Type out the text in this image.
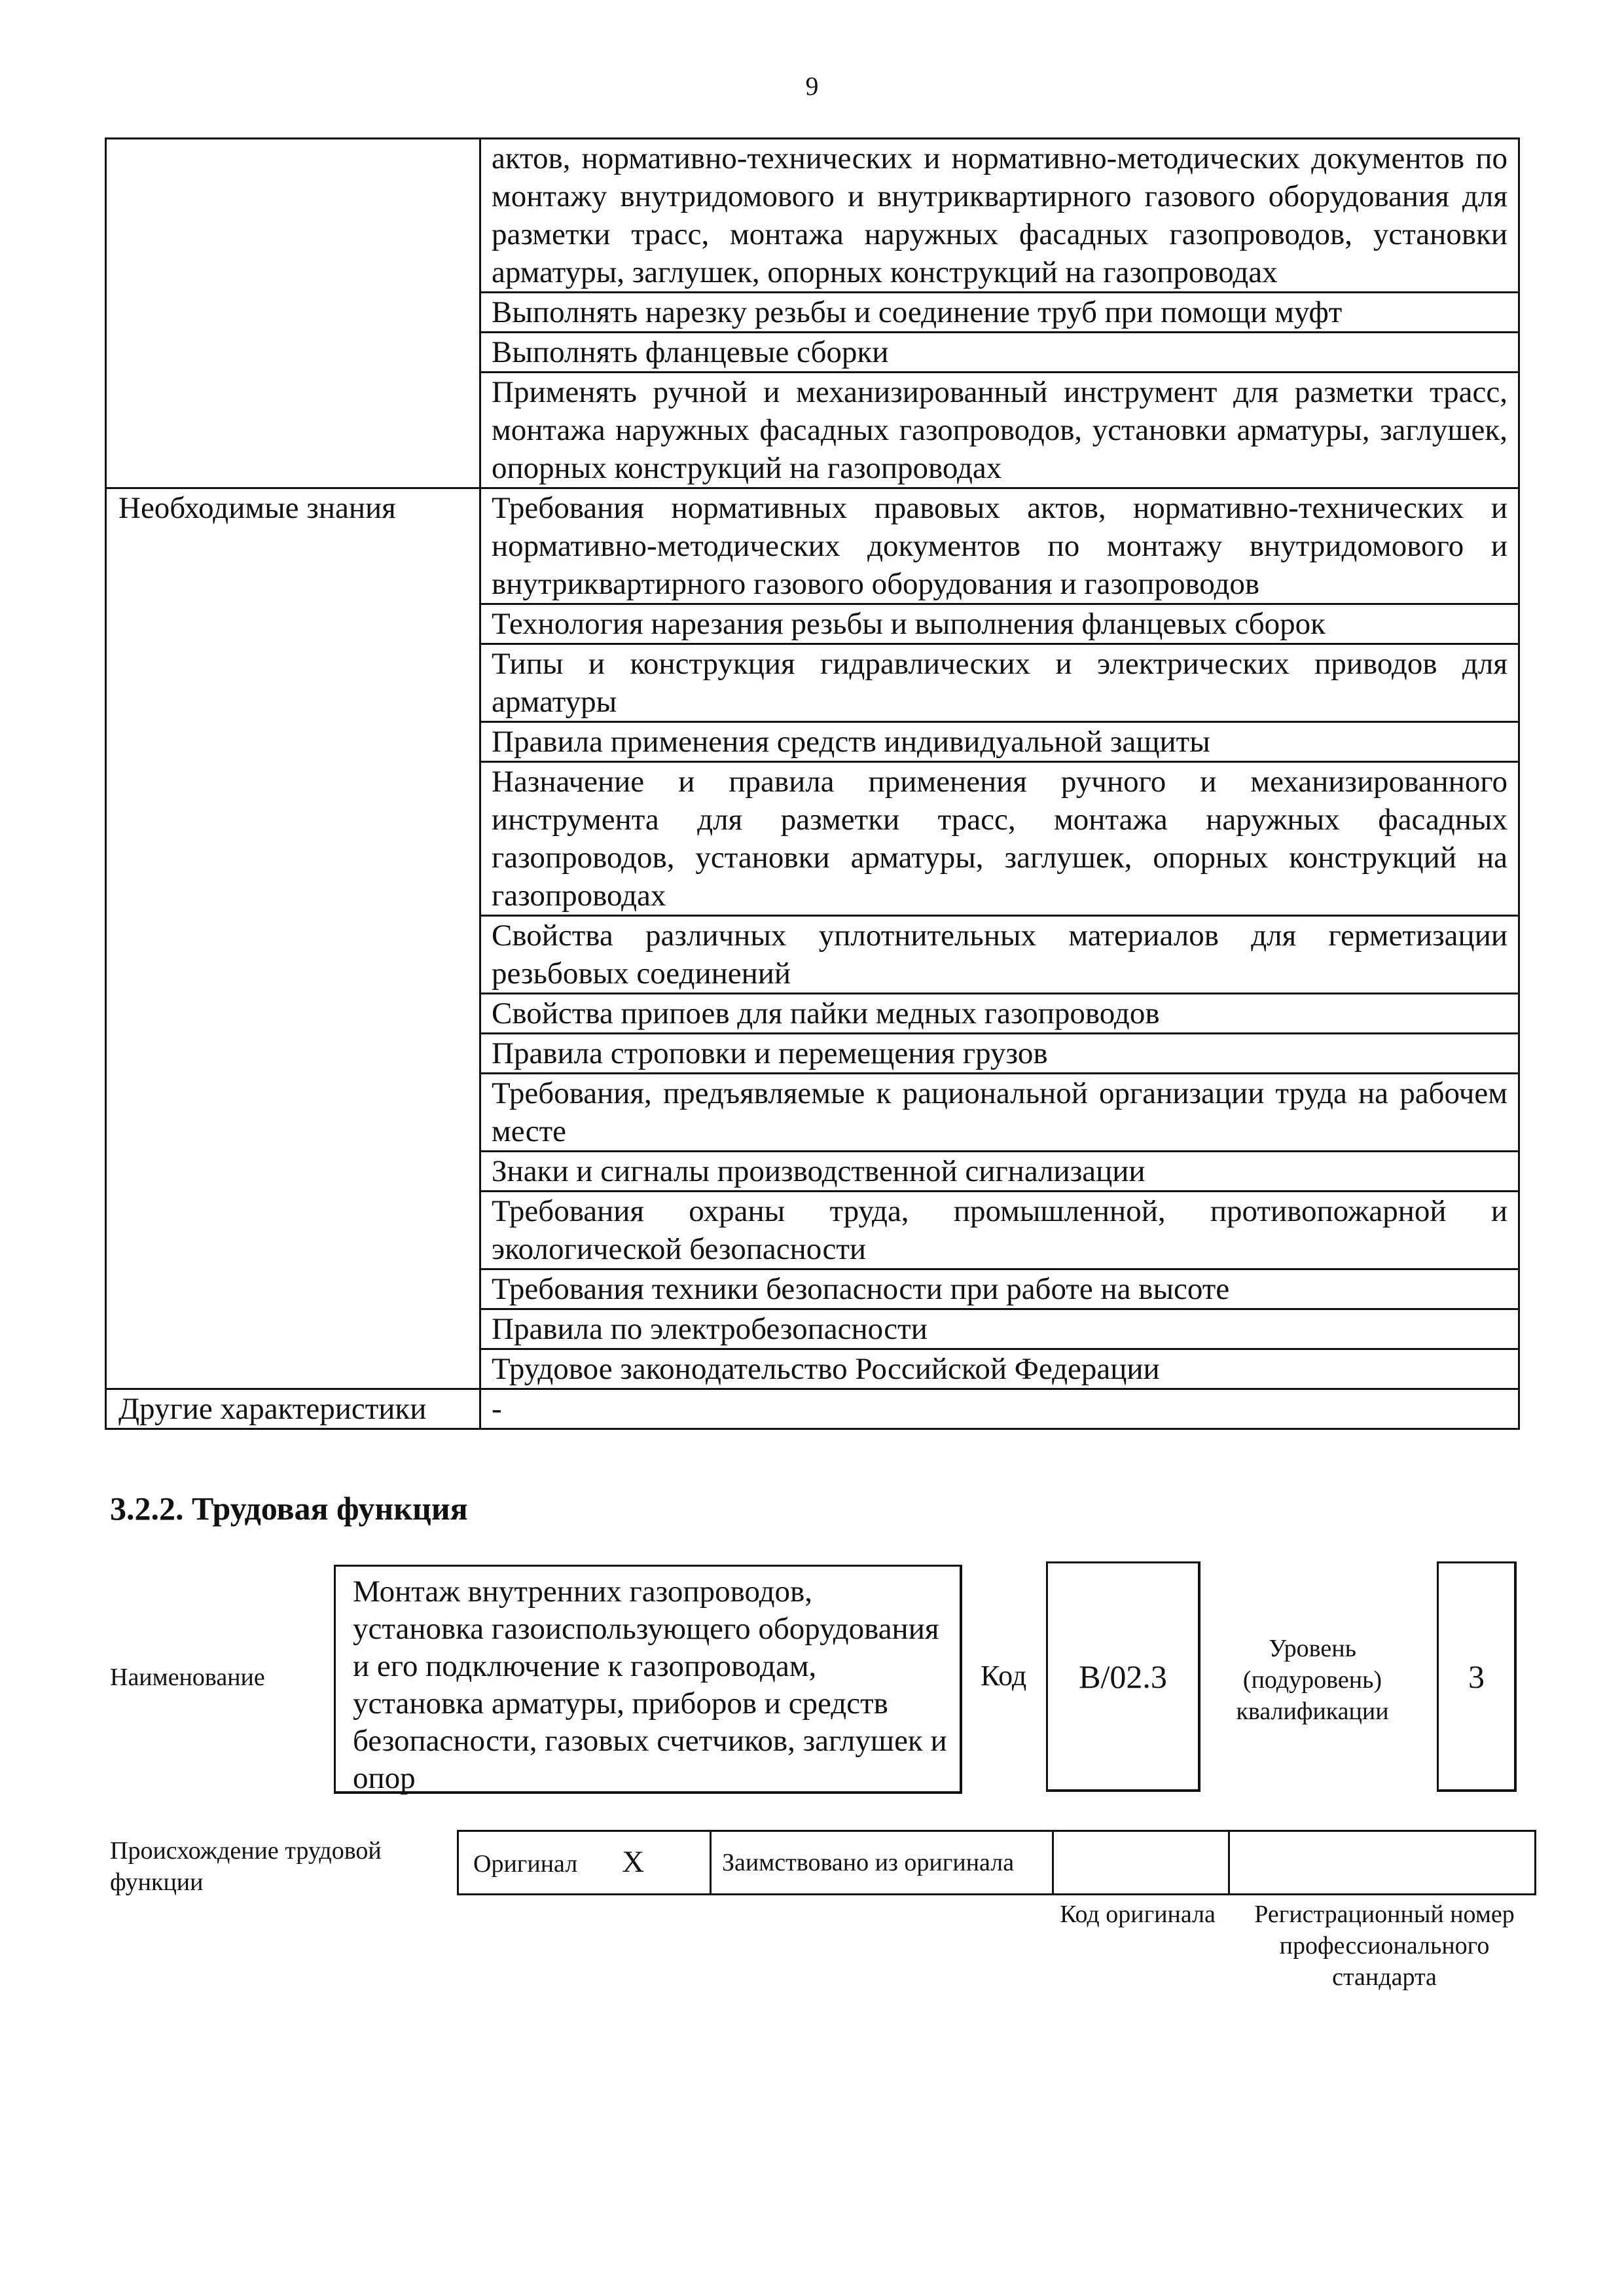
9
	актов, нормативно-технических и нормативно-методических документов по монтажу внутридомового и внутриквартирного газового оборудования для разметки трасс, монтажа наружных фасадных газопроводов, установки арматуры, заглушек, опорных конструкций на газопроводах
	Выполнять нарезку резьбы и соединение труб при помощи муфт
	Выполнять фланцевые сборки
	Применять ручной и механизированный инструмент для разметки трасс, монтажа наружных фасадных газопроводов, установки арматуры, заглушек, опорных конструкций на газопроводах
Необходимые знания	Требования нормативных правовых актов, нормативно-технических и нормативно-методических документов по монтажу внутридомового и внутриквартирного газового оборудования и газопроводов
	Технология нарезания резьбы и выполнения фланцевых сборок
	Типы и конструкция гидравлических и электрических приводов для арматуры
	Правила применения средств индивидуальной защиты
	Назначение и правила применения ручного и механизированного инструмента для разметки трасс, монтажа наружных фасадных газопроводов, установки арматуры, заглушек, опорных конструкций на газопроводах
	Свойства различных уплотнительных материалов для герметизации резьбовых соединений
	Свойства припоев для пайки медных газопроводов
	Правила строповки и перемещения грузов
	Требования, предъявляемые к рациональной организации труда на рабочем месте
	Знаки и сигналы производственной сигнализации
	Требования охраны труда, промышленной, противопожарной и экологической безопасности
	Требования техники безопасности при работе на высоте
	Правила по электробезопасности
	Трудовое законодательство Российской Федерации
Другие характеристики	-
3.2.2. Трудовая функция
Наименование
Монтаж внутренних газопроводов, установка газоиспользующего оборудования и его подключение к газопроводам, установка арматуры, приборов и средств безопасности, газовых счетчиков, заглушек и опор
Код B/02.3
Уровень (подуровень) квалификации
3
Происхождение трудовой функции
Оригинал X	Заимствовано из оригинала		
Код оригинала	Регистрационный номер профессионального стандарта
